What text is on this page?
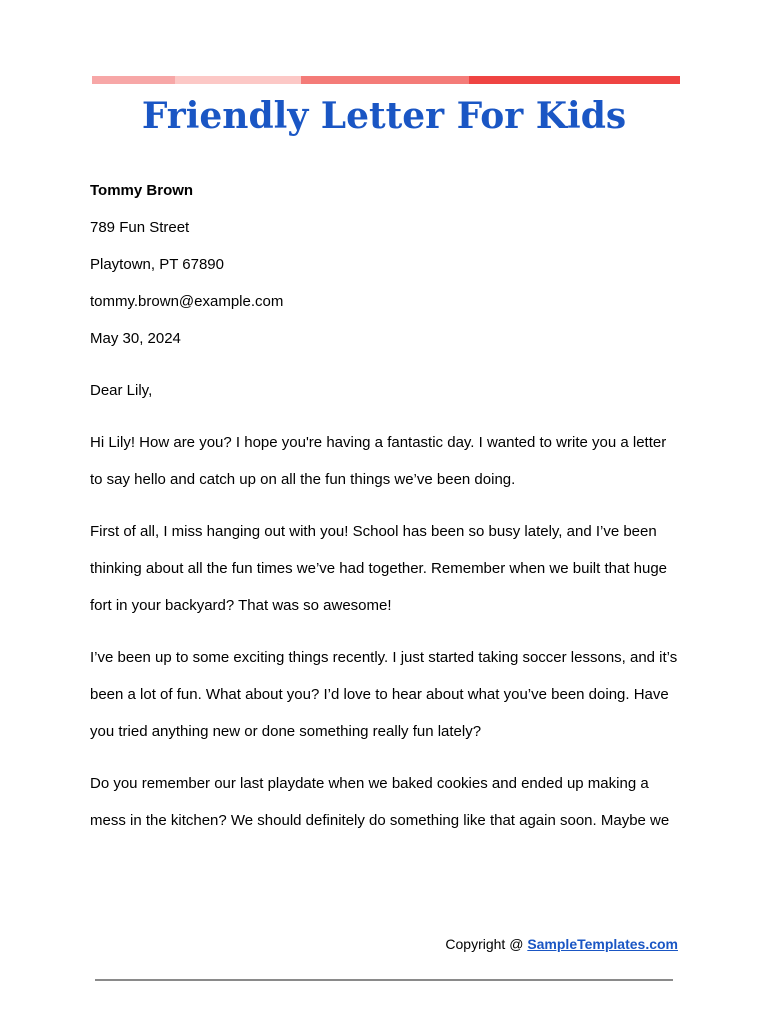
Friendly Letter For Kids

Tommy Brown

789 Fun Street

Playtown, PT 67890

tommy.brown@example.com

May 30, 2024

Dear Lily,

Hi Lily! How are you? I hope you're having a fantastic day. I wanted to write you a letter to say hello and catch up on all the fun things we’ve been doing.

First of all, I miss hanging out with you! School has been so busy lately, and I’ve been thinking about all the fun times we’ve had together. Remember when we built that huge fort in your backyard? That was so awesome!

I’ve been up to some exciting things recently. I just started taking soccer lessons, and it’s been a lot of fun. What about you? I’d love to hear about what you’ve been doing. Have you tried anything new or done something really fun lately?

Do you remember our last playdate when we baked cookies and ended up making a mess in the kitchen? We should definitely do something like that again soon. Maybe we

Copyright @ SampleTemplates.com
